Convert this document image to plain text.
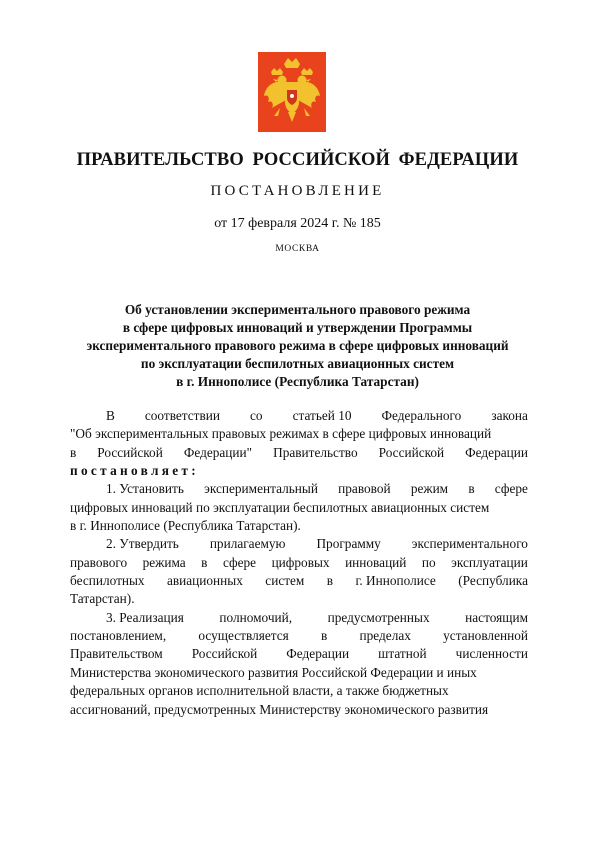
ПРАВИТЕЛЬСТВО РОССИЙСКОЙ ФЕДЕРАЦИИ
ПОСТАНОВЛЕНИЕ
от 17 февраля 2024 г. № 185
МОСКВА
Об установлении экспериментального правового режима
в сфере цифровых инноваций и утверждении Программы
экспериментального правового режима в сфере цифровых инноваций
по эксплуатации беспилотных авиационных систем
в г. Иннополисе (Республика Татарстан)
В соответствии со статьей 10 Федерального закона
"Об экспериментальных правовых режимах в сфере цифровых инноваций
в Российской Федерации" Правительство Российской Федерации
постановляет:
1. Установить экспериментальный правовой режим в сфере
цифровых инноваций по эксплуатации беспилотных авиационных систем
в г. Иннополисе (Республика Татарстан).
2. Утвердить прилагаемую Программу экспериментального
правового режима в сфере цифровых инноваций по эксплуатации
беспилотных авиационных систем в г. Иннополисе (Республика
Татарстан).
3. Реализация	полномочий,	предусмотренных	настоящим
постановлением, осуществляется в пределах установленной
Правительством Российской Федерации штатной численности
Министерства экономического развития Российской Федерации и иных
федеральных органов исполнительной власти, а также бюджетных
ассигнований, предусмотренных Министерству экономического развития
